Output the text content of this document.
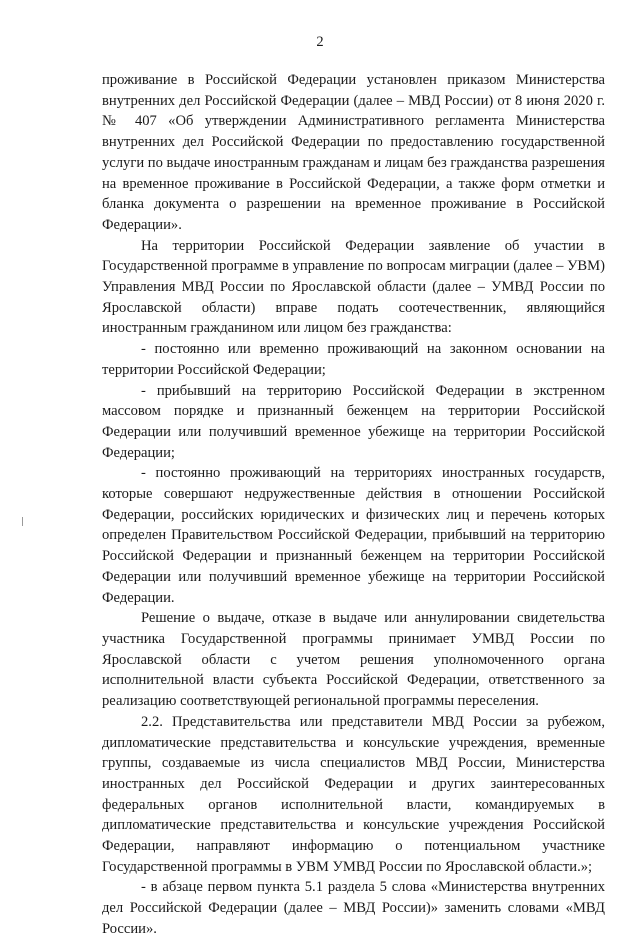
2

проживание в Российской Федерации установлен приказом Министерства внутренних дел Российской Федерации (далее – МВД России) от 8 июня 2020 г. № 407 «Об утверждении Административного регламента Министерства внутренних дел Российской Федерации по предоставлению государственной услуги по выдаче иностранным гражданам и лицам без гражданства разрешения на временное проживание в Российской Федерации, а также форм отметки и бланка документа о разрешении на временное проживание в Российской Федерации».

На территории Российской Федерации заявление об участии в Государственной программе в управление по вопросам миграции (далее – УВМ) Управления МВД России по Ярославской области (далее – УМВД России по Ярославской области) вправе подать соотечественник, являющийся иностранным гражданином или лицом без гражданства:

- постоянно или временно проживающий на законном основании на территории Российской Федерации;

- прибывший на территорию Российской Федерации в экстренном массовом порядке и признанный беженцем на территории Российской Федерации или получивший временное убежище на территории Российской Федерации;

- постоянно проживающий на территориях иностранных государств, которые совершают недружественные действия в отношении Российской Федерации, российских юридических и физических лиц и перечень которых определен Правительством Российской Федерации, прибывший на территорию Российской Федерации и признанный беженцем на территории Российской Федерации или получивший временное убежище на территории Российской Федерации.

Решение о выдаче, отказе в выдаче или аннулировании свидетельства участника Государственной программы принимает УМВД России по Ярославской области с учетом решения уполномоченного органа исполнительной власти субъекта Российской Федерации, ответственного за реализацию соответствующей региональной программы переселения.

2.2. Представительства или представители МВД России за рубежом, дипломатические представительства и консульские учреждения, временные группы, создаваемые из числа специалистов МВД России, Министерства иностранных дел Российской Федерации и других заинтересованных федеральных органов исполнительной власти, командируемых в дипломатические представительства и консульские учреждения Российской Федерации, направляют информацию о потенциальном участнике Государственной программы в УВМ УМВД России по Ярославской области.»;

- в абзаце первом пункта 5.1 раздела 5 слова «Министерства внутренних дел Российской Федерации (далее – МВД России)» заменить словами «МВД России».
